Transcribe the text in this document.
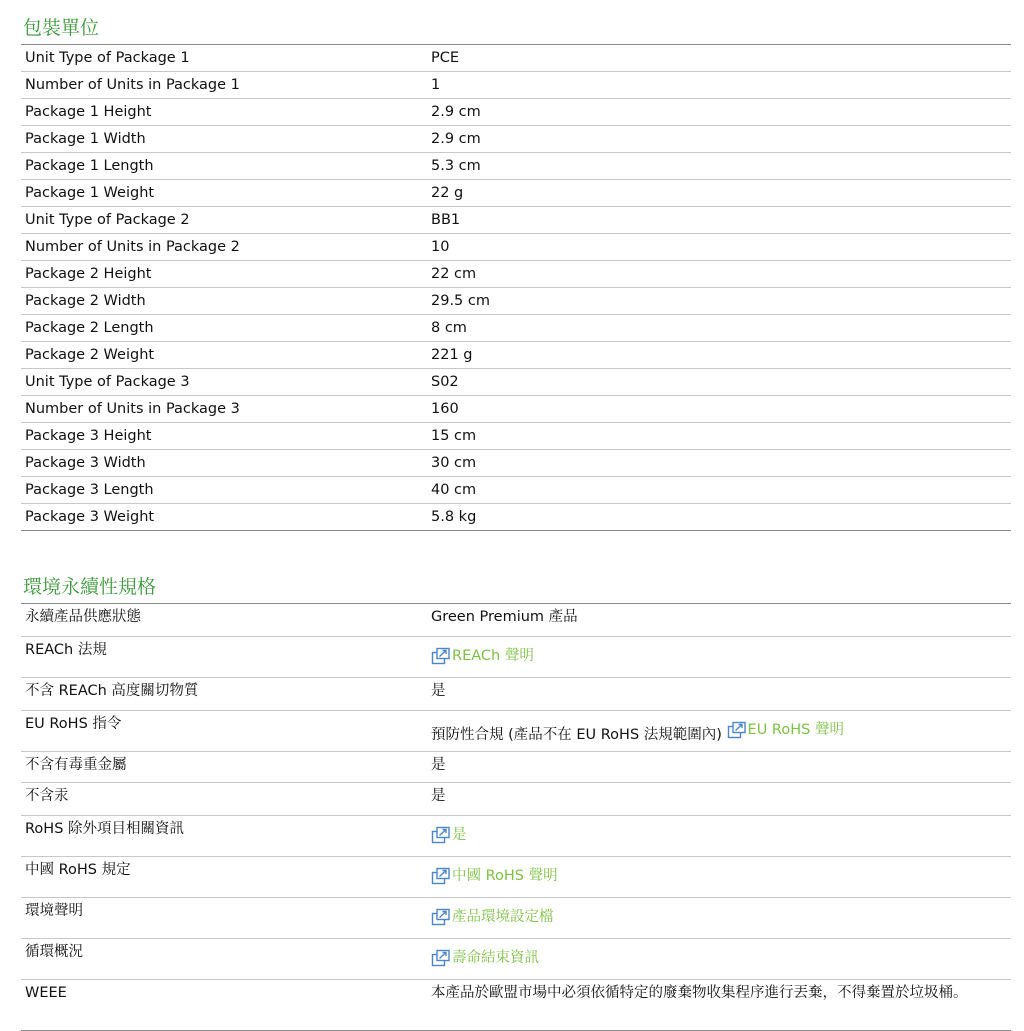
包裝單位
Unit Type of Package 1	PCE
Number of Units in Package 1	1
Package 1 Height	2.9 cm
Package 1 Width	2.9 cm
Package 1 Length	5.3 cm
Package 1 Weight	22 g
Unit Type of Package 2	BB1
Number of Units in Package 2	10
Package 2 Height	22 cm
Package 2 Width	29.5 cm
Package 2 Length	8 cm
Package 2 Weight	221 g
Unit Type of Package 3	S02
Number of Units in Package 3	160
Package 3 Height	15 cm
Package 3 Width	30 cm
Package 3 Length	40 cm
Package 3 Weight	5.8 kg
環境永續性規格
永續產品供應狀態	Green Premium 產品
REACh 法規	REACh 聲明

不含 REACh 高度關切物質	是
EU RoHS 指令	預防性合規 (產品不在 EU RoHS 法規範圍內) EU RoHS 聲明

不含有毒重金屬	是
不含汞	是
RoHS 除外項目相關資訊	是

中國 RoHS 規定	中國 RoHS 聲明

環境聲明	產品環境設定檔

循環概況	壽命結束資訊

WEEE	本產品於歐盟市場中必須依循特定的廢棄物收集程序進行丟棄，不得棄置於垃圾桶。
